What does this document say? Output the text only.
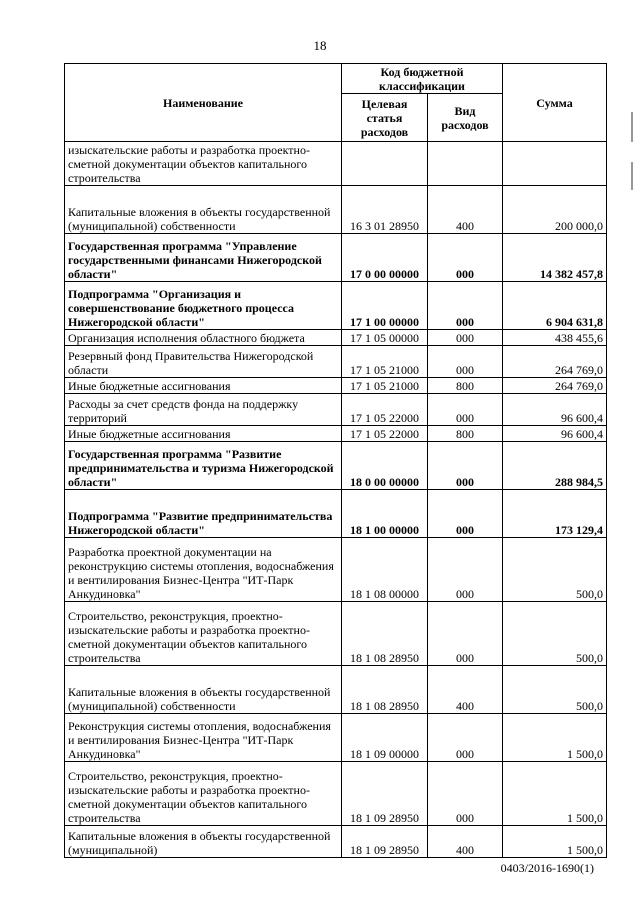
18
Наименование	Код бюджетной классификации		Сумма
	Целевая статья расходов	Вид расходов	
изыскательские работы и разработка проектно-сметной документации объектов капитального строительства			
Капитальные вложения в объекты государственной (муниципальной) собственности	16 3 01 28950	400	200 000,0
Государственная программа "Управление государственными финансами Нижегородской области"	17 0 00 00000	000	14 382 457,8
Подпрограмма "Организация и совершенствование бюджетного процесса Нижегородской области"	17 1 00 00000	000	6 904 631,8
Организация исполнения областного бюджета	17 1 05 00000	000	438 455,6
Резервный фонд Правительства Нижегородской области	17 1 05 21000	000	264 769,0
Иные бюджетные ассигнования	17 1 05 21000	800	264 769,0
Расходы за счет средств фонда на поддержку территорий	17 1 05 22000	000	96 600,4
Иные бюджетные ассигнования	17 1 05 22000	800	96 600,4
Государственная программа "Развитие предпринимательства и туризма Нижегородской области"	18 0 00 00000	000	288 984,5
Подпрограмма "Развитие предпринимательства Нижегородской области"	18 1 00 00000	000	173 129,4
Разработка проектной документации на реконструкцию системы отопления, водоснабжения и вентилирования Бизнес-Центра "ИТ-Парк Анкудиновка"	18 1 08 00000	000	500,0
Строительство, реконструкция, проектно-изыскательские работы и разработка проектно-сметной документации объектов капитального строительства	18 1 08 28950	000	500,0
Капитальные вложения в объекты государственной (муниципальной) собственности	18 1 08 28950	400	500,0
Реконструкция системы отопления, водоснабжения и вентилирования Бизнес-Центра "ИТ-Парк Анкудиновка"	18 1 09 00000	000	1 500,0
Строительство, реконструкция, проектно-изыскательские работы и разработка проектно-сметной документации объектов капитального строительства	18 1 09 28950	000	1 500,0
Капитальные вложения в объекты государственной (муниципальной)	18 1 09 28950	400	1 500,0
0403/2016-1690(1)
